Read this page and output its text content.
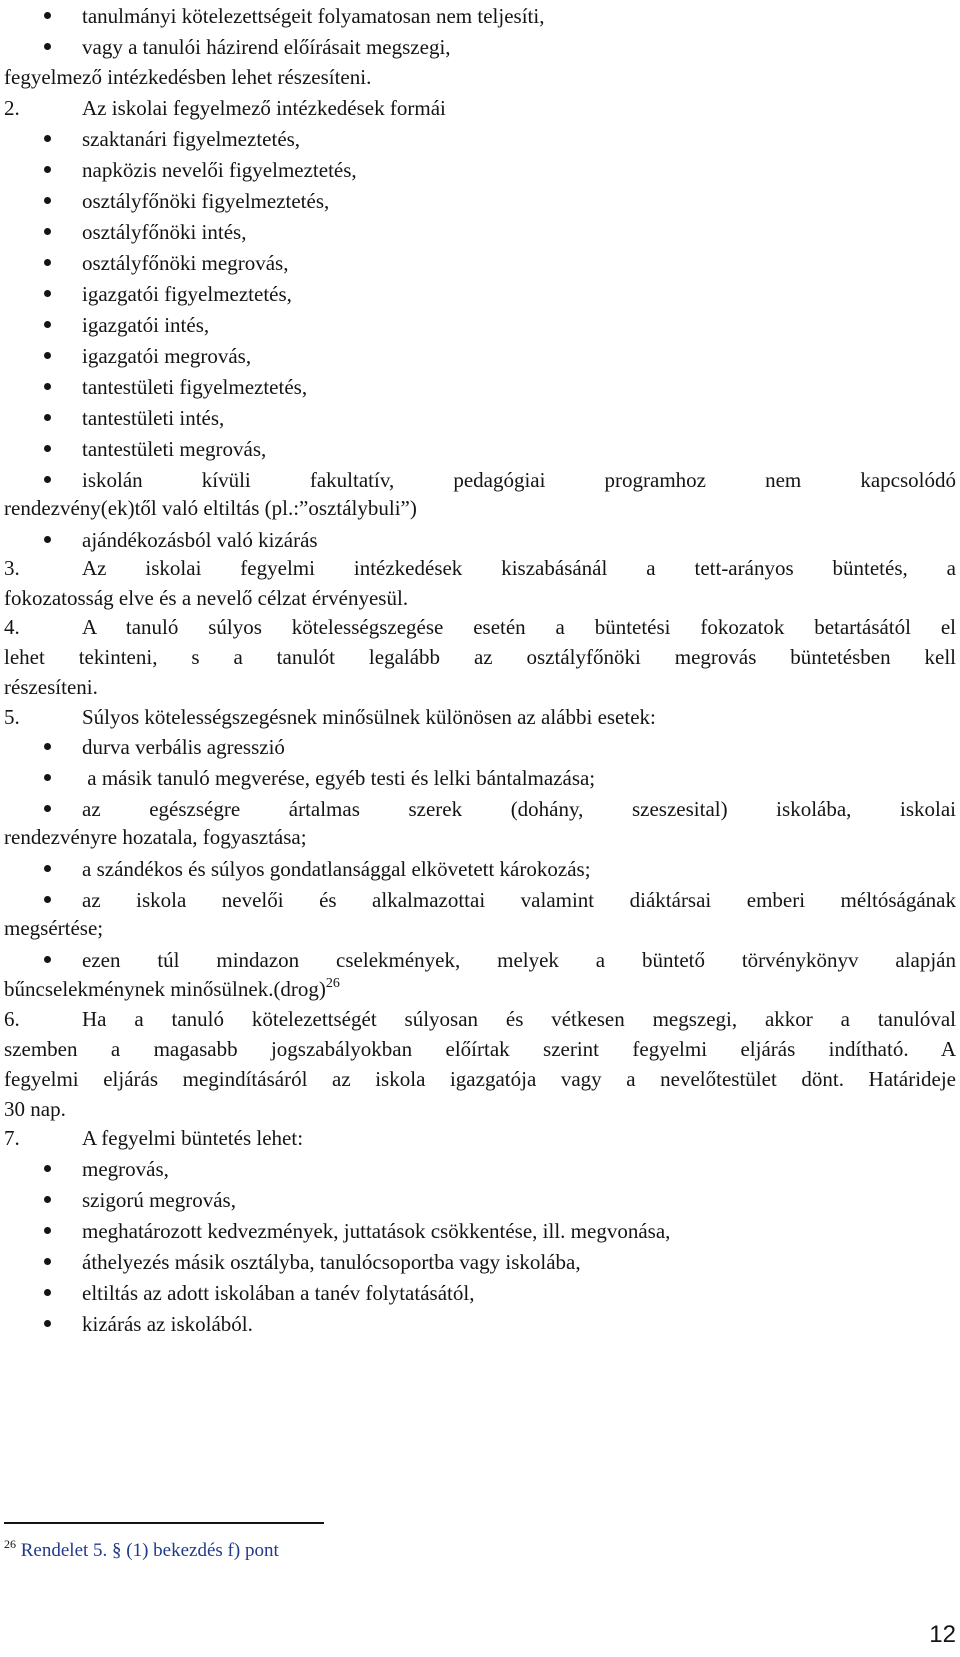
tanulmányi kötelezettségeit folyamatosan nem teljesíti,
vagy a tanulói házirend előírásait megszegi,
fegyelmező intézkedésben lehet részesíteni.
2.	Az iskolai fegyelmező intézkedések formái
szaktanári figyelmeztetés,
napközis nevelői figyelmeztetés,
osztályfőnöki figyelmeztetés,
osztályfőnöki intés,
osztályfőnöki megrovás,
igazgatói figyelmeztetés,
igazgatói intés,
igazgatói megrovás,
tantestületi figyelmeztetés,
tantestületi intés,
tantestületi megrovás,
iskolán kívüli fakultatív, pedagógiai programhoz nem kapcsolódó
rendezvény(ek)től való eltiltás (pl.:”osztálybuli”)
ajándékozásból való kizárás
3.	Az iskolai fegyelmi intézkedések kiszabásánál a tett-arányos büntetés, a
fokozatosság elve és a nevelő célzat érvényesül.
4.	A tanuló súlyos kötelességszegése esetén a büntetési fokozatok betartásától el
lehet tekinteni, s a tanulót legalább az osztályfőnöki megrovás büntetésben kell
részesíteni.
5.	Súlyos kötelességszegésnek minősülnek különösen az alábbi esetek:
durva verbális agresszió
a másik tanuló megverése, egyéb testi és lelki bántalmazása;
az egészségre ártalmas szerek (dohány, szeszesital) iskolába, iskolai
rendezvényre hozatala, fogyasztása;
a szándékos és súlyos gondatlansággal elkövetett károkozás;
az iskola nevelői és alkalmazottai valamint diáktársai emberi méltóságának
megsértése;
ezen túl mindazon cselekmények, melyek a büntető törvénykönyv alapján
bűncselekménynek minősülnek.(drog)$^{26}$
6.	Ha a tanuló kötelezettségét súlyosan és vétkesen megszegi, akkor a tanulóval
szemben a magasabb jogszabályokban előírtak szerint fegyelmi eljárás indítható. A
fegyelmi eljárás megindításáról az iskola igazgatója vagy a nevelőtestület dönt. Határideje
30 nap.
7.	A fegyelmi büntetés lehet:
megrovás,
szigorú megrovás,
meghatározott kedvezmények, juttatások csökkentése, ill. megvonása,
áthelyezés másik osztályba, tanulócsoportba vagy iskolába,
eltiltás az adott iskolában a tanév folytatásától,
kizárás az iskolából.
$^{26}$ Rendelet 5. § (1) bekezdés f) pont
12
